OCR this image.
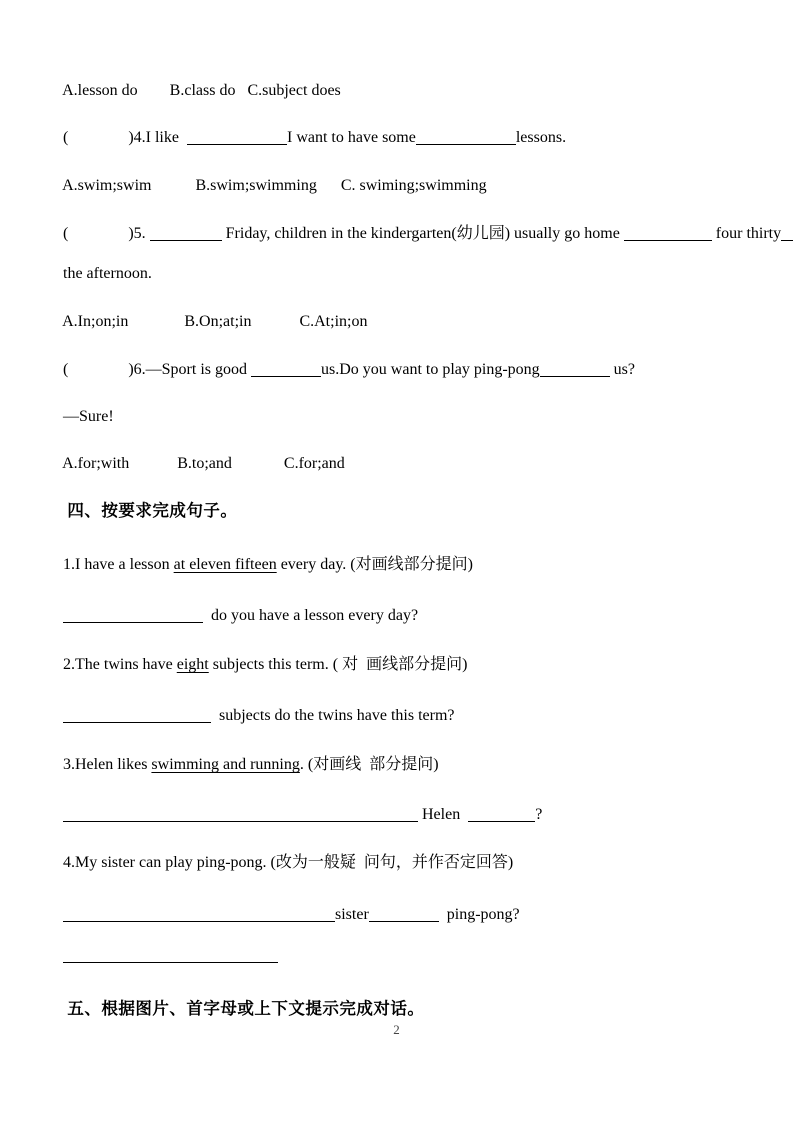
A.lesson do        B.class do   C.subject does

(               )4.I like	I want to have some	lessons.

A.swim;swim           B.swim;swimming      C. swiming;swimming

(               )5.	Friday, children in the kindergarten(幼儿园) usually go home	four thirty

the afternoon.

A.In;on;in              B.On;at;in            C.At;in;on

(               )6.—Sport is good	us.Do you want to play ping-pong	us?

—Sure!

A.for;with            B.to;and             C.for;and

四、按要求完成句子。

1.I have a lesson at eleven fifteen every day. (对画线部分提问)

do you have a lesson every day?

2.The twins have eight subjects this term. ( 对  画线部分提问)

subjects do the twins have this term?

3.Helen likes swimming and running. (对画线  部分提问)

Helen	?

4.My sister can play ping-pong. (改为一般疑  问句，并作否定回答)

sister	ping-pong?

五、根据图片、首字母或上下文提示完成对话。

2
